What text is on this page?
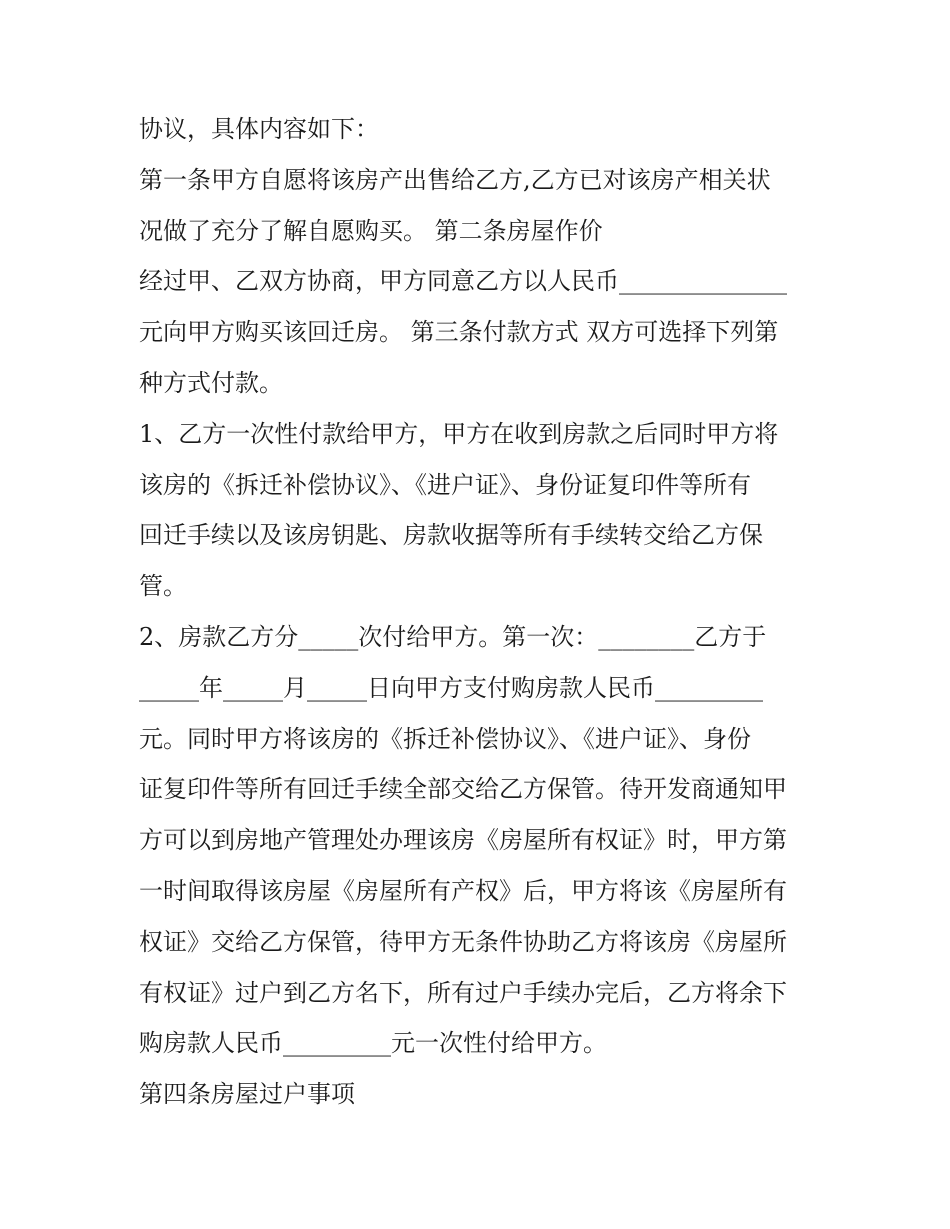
协议，具体内容如下：

第一条甲方自愿将该房产出售给乙方,乙方已对该房产相关状

况做了充分了解自愿购买。 第二条房屋作价

经过甲、乙双方协商，甲方同意乙方以人民币______________

元向甲方购买该回迁房。 第三条付款方式 双方可选择下列第

种方式付款。

1、乙方一次性付款给甲方，甲方在收到房款之后同时甲方将

该房的《拆迁补偿协议》、《进户证》、身份证复印件等所有

回迁手续以及该房钥匙、房款收据等所有手续转交给乙方保

管。

2、房款乙方分_____次付给甲方。第一次：________乙方于

_____年_____月_____日向甲方支付购房款人民币_________

元。同时甲方将该房的《拆迁补偿协议》、《进户证》、身份

证复印件等所有回迁手续全部交给乙方保管。待开发商通知甲

方可以到房地产管理处办理该房《房屋所有权证》时，甲方第

一时间取得该房屋《房屋所有产权》后，甲方将该《房屋所有

权证》交给乙方保管，待甲方无条件协助乙方将该房《房屋所

有权证》过户到乙方名下，所有过户手续办完后，乙方将余下

购房款人民币_________元一次性付给甲方。

第四条房屋过户事项
